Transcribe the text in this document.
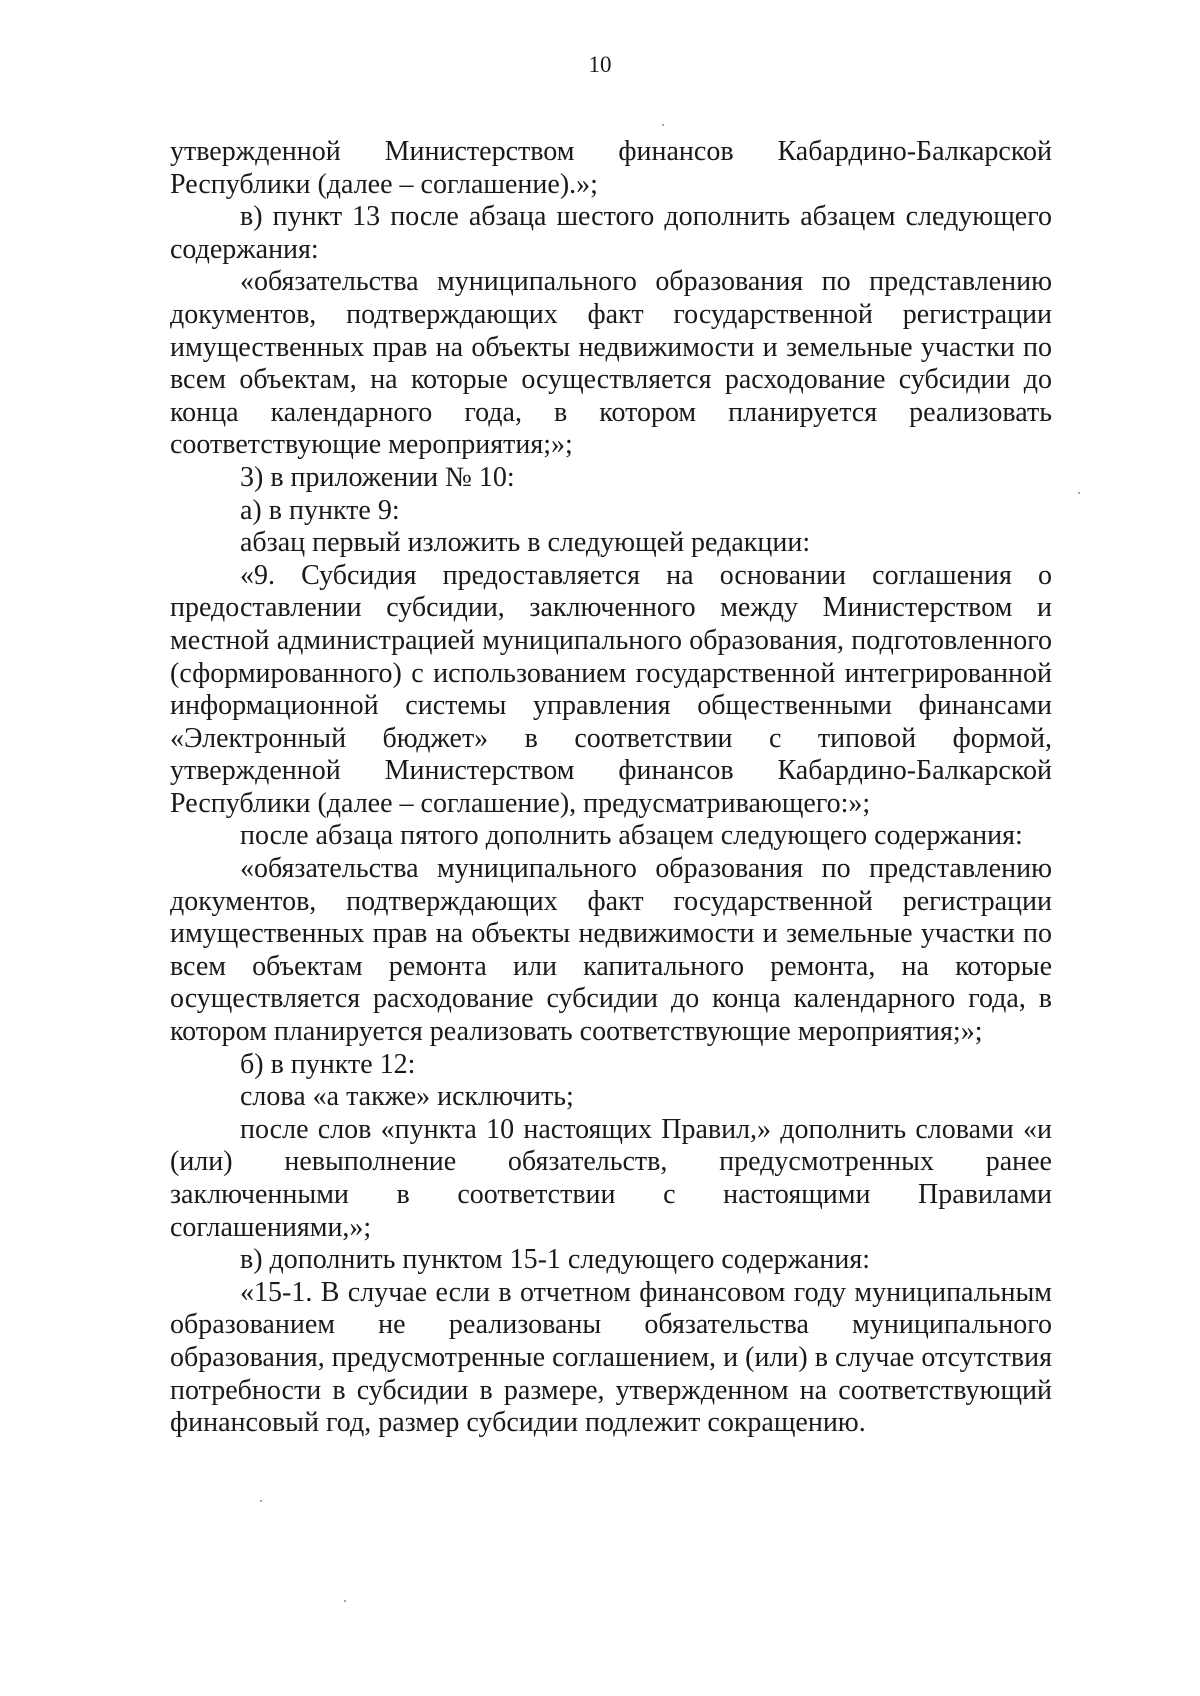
10

утвержденной Министерством финансов Кабардино-Балкарской Республики (далее – соглашение).»;

в) пункт 13 после абзаца шестого дополнить абзацем следующего содержания:

«обязательства муниципального образования по представлению документов, подтверждающих факт государственной регистрации имущественных прав на объекты недвижимости и земельные участки по всем объектам, на которые осуществляется расходование субсидии до конца календарного года, в котором планируется реализовать соответствующие мероприятия;»;

3) в приложении № 10:

а) в пункте 9:

абзац первый изложить в следующей редакции:

«9. Субсидия предоставляется на основании соглашения о предоставлении субсидии, заключенного между Министерством и местной администрацией муниципального образования, подготовленного (сформированного) с использованием государственной интегрированной информационной системы управления общественными финансами «Электронный бюджет» в соответствии с типовой формой, утвержденной Министерством финансов Кабардино-Балкарской Республики (далее – соглашение), предусматривающего:»;

после абзаца пятого дополнить абзацем следующего содержания:

«обязательства муниципального образования по представлению документов, подтверждающих факт государственной регистрации имущественных прав на объекты недвижимости и земельные участки по всем объектам ремонта или капитального ремонта, на которые осуществляется расходование субсидии до конца календарного года, в котором планируется реализовать соответствующие мероприятия;»;

б) в пункте 12:

слова «а также» исключить;

после слов «пункта 10 настоящих Правил,» дополнить словами «и (или) невыполнение обязательств, предусмотренных ранее заключенными в соответствии с настоящими Правилами соглашениями,»;

в) дополнить пунктом 15-1 следующего содержания:

«15-1. В случае если в отчетном финансовом году муниципальным образованием не реализованы обязательства муниципального образования, предусмотренные соглашением, и (или) в случае отсутствия потребности в субсидии в размере, утвержденном на соответствующий финансовый год, размер субсидии подлежит сокращению.
